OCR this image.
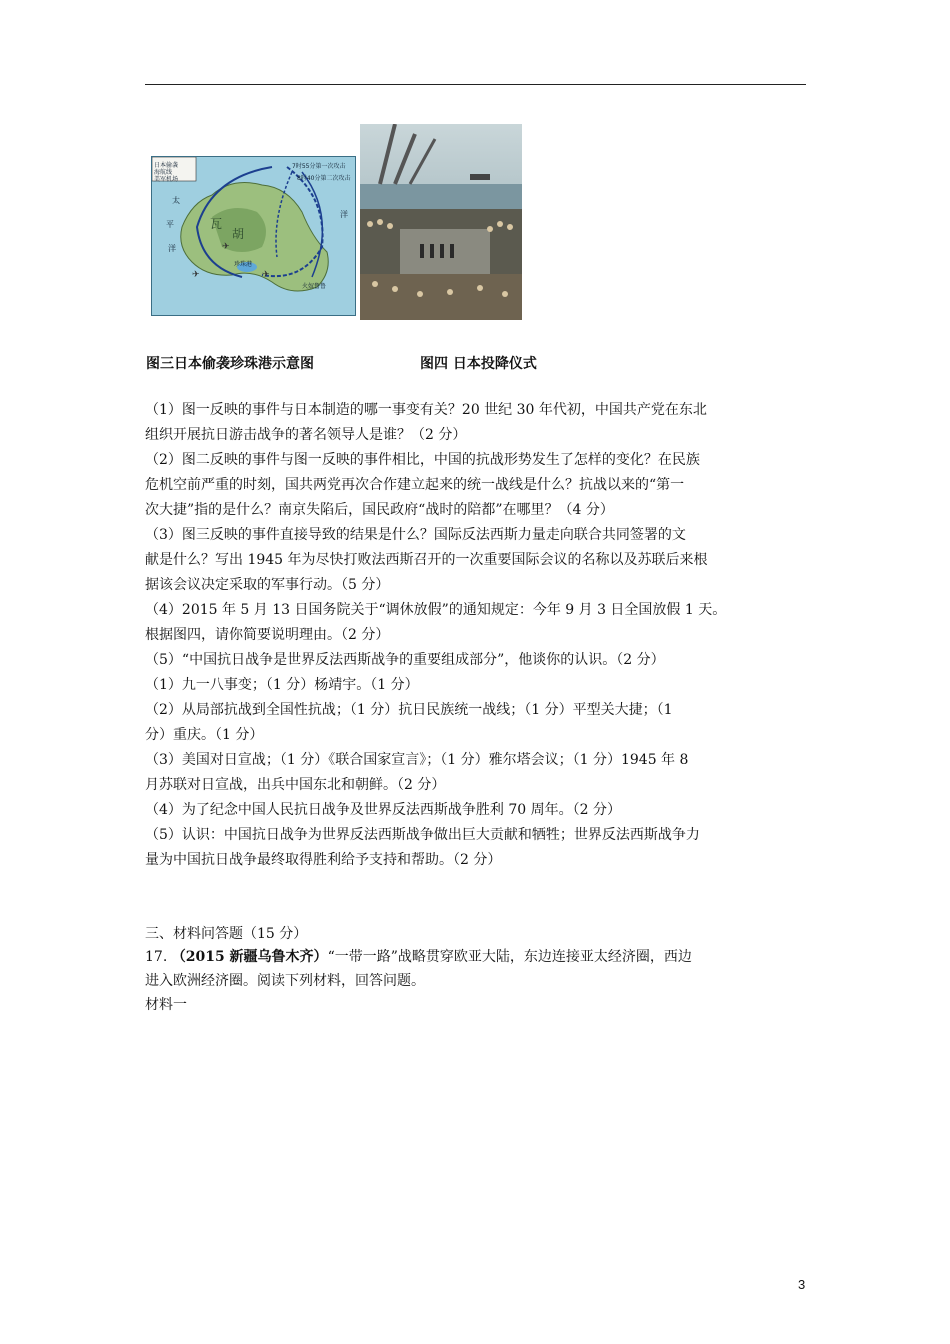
✈
✈
✈
日本偷袭
海航线
美军机场
7时55分第一次攻击
8时40分第二次攻击
瓦
胡
太
平
洋
洋
珍珠港
火奴鲁鲁
图三日本偷袭珍珠港示意图	图四 日本投降仪式
（1）图一反映的事件与日本制造的哪一事变有关？20 世纪 30 年代初，中国共产党在东北
组织开展抗日游击战争的著名领导人是谁？（2 分）
（2）图二反映的事件与图一反映的事件相比，中国的抗战形势发生了怎样的变化？在民族
危机空前严重的时刻，国共两党再次合作建立起来的统一战线是什么？抗战以来的“第一
次大捷”指的是什么？南京失陷后，国民政府“战时的陪都”在哪里？（4 分）
（3）图三反映的事件直接导致的结果是什么？国际反法西斯力量走向联合共同签署的文
献是什么？写出 1945 年为尽快打败法西斯召开的一次重要国际会议的名称以及苏联后来根
据该会议决定采取的军事行动。（5 分）
（4）2015 年 5 月 13 日国务院关于“调休放假”的通知规定：今年 9 月 3 日全国放假 1 天。
根据图四，请你简要说明理由。（2 分）
（5）“中国抗日战争是世界反法西斯战争的重要组成部分”，他谈你的认识。（2 分）
（1）九一八事变；（1 分）杨靖宇。（1 分）
（2）从局部抗战到全国性抗战；（1 分）抗日民族统一战线；（1 分）平型关大捷；（1
分）重庆。（1 分）
（3）美国对日宣战；（1 分）《联合国家宣言》；（1 分）雅尔塔会议；（1 分）1945 年 8
月苏联对日宣战，出兵中国东北和朝鲜。（2 分）
（4）为了纪念中国人民抗日战争及世界反法西斯战争胜利 70 周年。（2 分）
（5）认识：中国抗日战争为世界反法西斯战争做出巨大贡献和牺牲；世界反法西斯战争力
量为中国抗日战争最终取得胜利给予支持和帮助。（2 分）
三、材料问答题（15 分）
17. （2015 新疆乌鲁木齐）“一带一路”战略贯穿欧亚大陆，东边连接亚太经济圈，西边
进入欧洲经济圈。阅读下列材料，回答问题。
材料一
3
